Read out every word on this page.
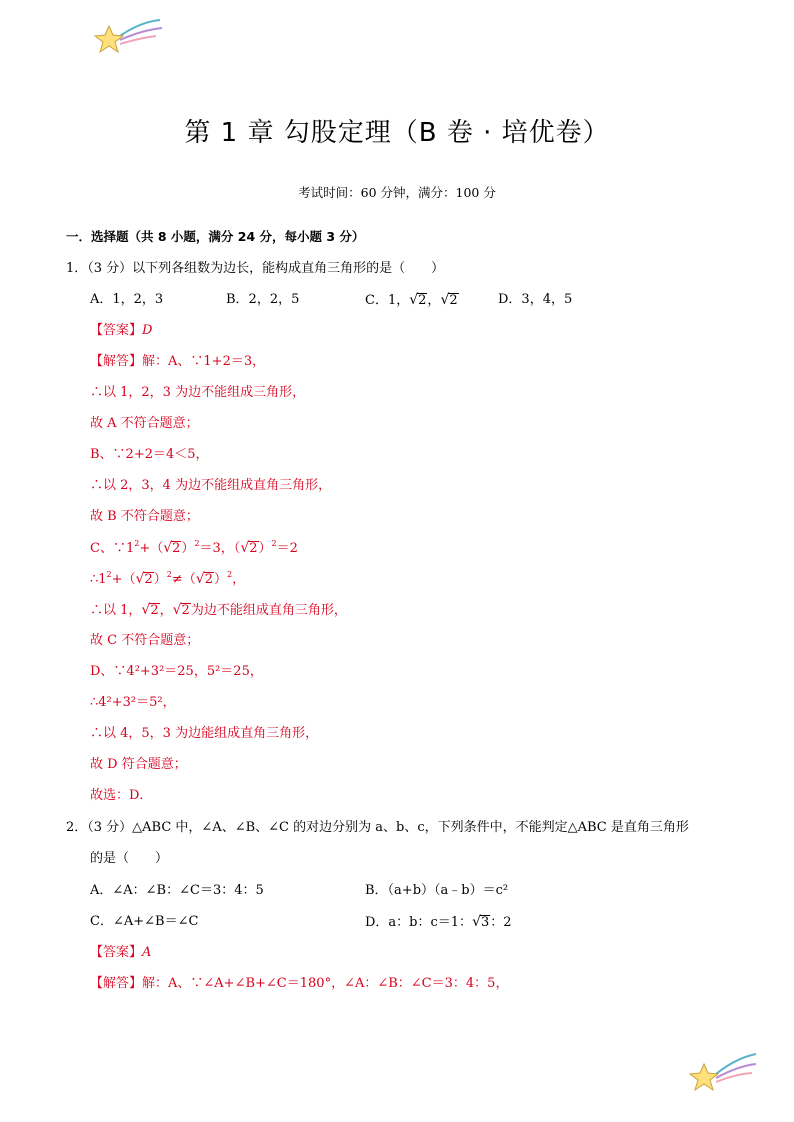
第 1 章 勾股定理（B 卷 · 培优卷）
考试时间：60 分钟，满分：100 分
一．选择题（共 8 小题，满分 24 分，每小题 3 分）
1．（3 分）以下列各组数为边长，能构成直角三角形的是（　　）
A．1，2，3	B．2，2，5	C．1，√2，√2	D．3，4，5
【答案】D
【解答】解：A、∵1+2＝3，
∴以 1，2，3 为边不能组成三角形，
故 A 不符合题意；
B、∵2+2＝4＜5，
∴以 2，3，4 为边不能组成直角三角形，
故 B 不符合题意；
C、$\because 1^2+(√2)^2=3$，$(√2)^2=2$
$\therefore 1^2+(√2)^2\ne(√2)^2$，
∴以 1，√2，√2为边不能组成直角三角形，
故 C 不符合题意；
D、∵4²+3²＝25，5²＝25，
∴4²+3²＝5²，
∴以 4，5，3 为边能组成直角三角形，
故 D 符合题意；
故选：D．
2．（3 分）△ABC 中，∠A、∠B、∠C 的对边分别为 a、b、c，下列条件中，不能判定△ABC 是直角三角形
的是（　　）
A．∠A：∠B：∠C＝3：4：5	B．（a+b）（a﹣b）＝c²
C．∠A+∠B＝∠C	D．a：b：c＝1：√3：2
【答案】A
【解答】解：A、∵∠A+∠B+∠C＝180°，∠A：∠B：∠C＝3：4：5，
